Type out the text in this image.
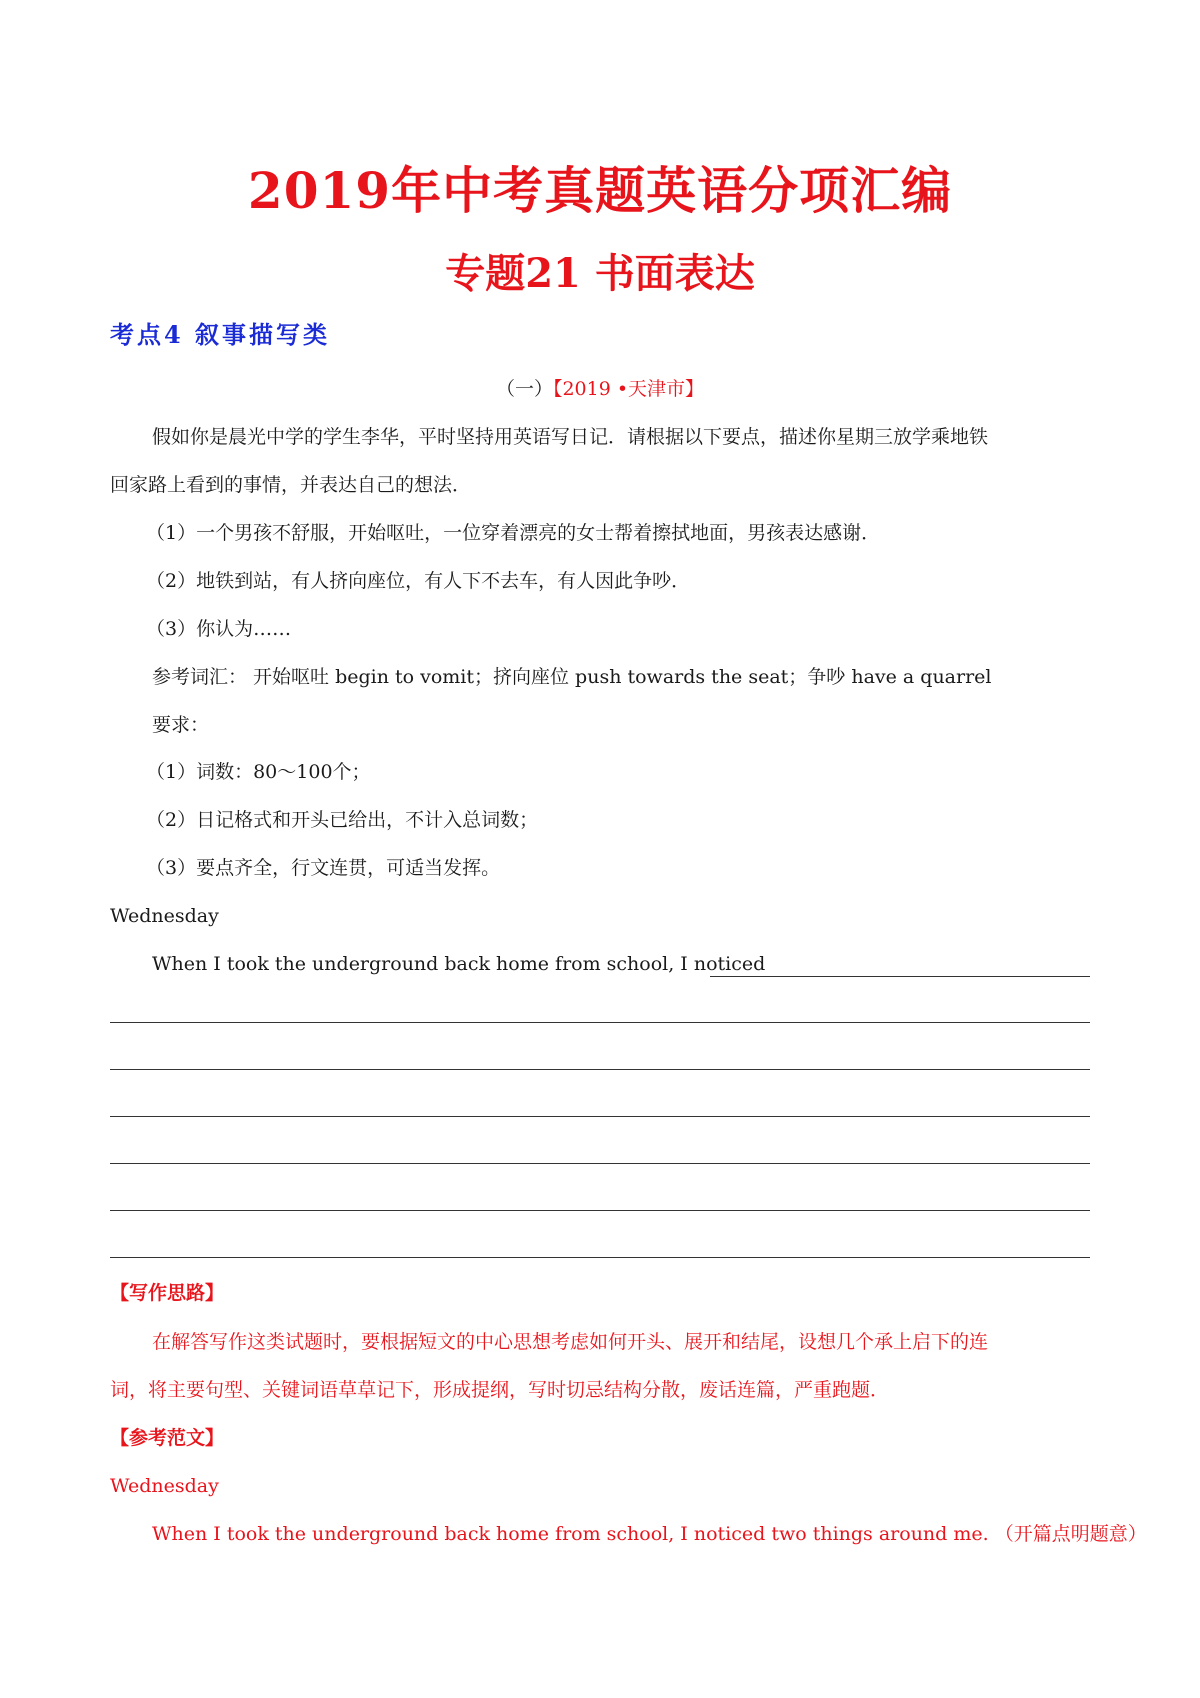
2019年中考真题英语分项汇编
专题21 书面表达
考点4 叙事描写类
（一）【2019 •天津市】
假如你是晨光中学的学生李华，平时坚持用英语写日记．请根据以下要点，描述你星期三放学乘地铁
回家路上看到的事情，并表达自己的想法．
（1）一个男孩不舒服，开始呕吐，一位穿着漂亮的女士帮着擦拭地面，男孩表达感谢．
（2）地铁到站，有人挤向座位，有人下不去车，有人因此争吵．
（3）你认为……
参考词汇： 开始呕吐 begin to vomit；挤向座位 push towards the seat；争吵 have a quarrel
要求：
（1）词数：80～100个；
（2）日记格式和开头已给出，不计入总词数；
（3）要点齐全，行文连贯，可适当发挥。
Wednesday
When I took the underground back home from school, I noticed
【写作思路】
在解答写作这类试题时，要根据短文的中心思想考虑如何开头、展开和结尾，设想几个承上启下的连
词，将主要句型、关键词语草草记下，形成提纲，写时切忌结构分散，废话连篇，严重跑题．
【参考范文】
Wednesday
When I took the underground back home from school, I noticed two things around me. （开篇点明题意）
